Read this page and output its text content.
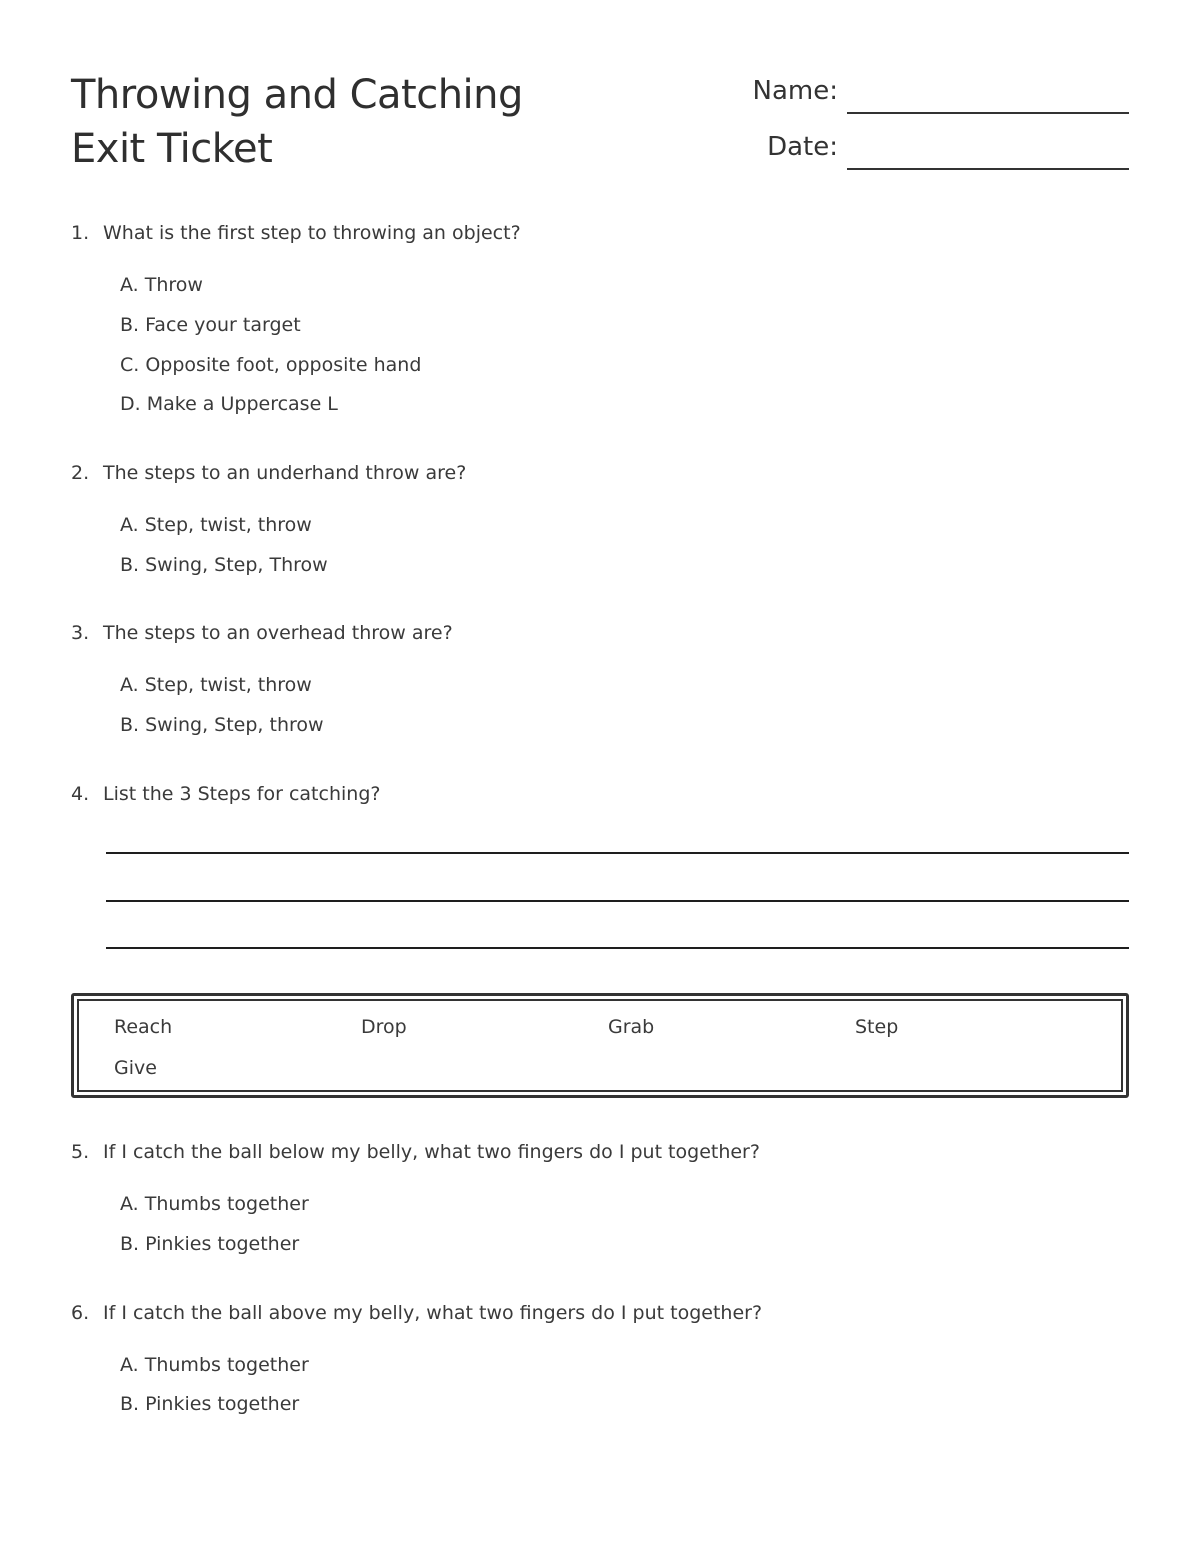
Throwing and Catching
Exit Ticket
Name:
Date:
1. What is the first step to throwing an object?
A. Throw
B. Face your target
C. Opposite foot, opposite hand
D. Make a Uppercase L
2. The steps to an underhand throw are?
A. Step, twist, throw
B. Swing, Step, Throw
3. The steps to an overhead throw are?
A. Step, twist, throw
B. Swing, Step, throw
4. List the 3 Steps for catching?
Reach	Drop	Grab	Step
Give
5. If I catch the ball below my belly, what two fingers do I put together?
A. Thumbs together
B. Pinkies together
6. If I catch the ball above my belly, what two fingers do I put together?
A. Thumbs together
B. Pinkies together
